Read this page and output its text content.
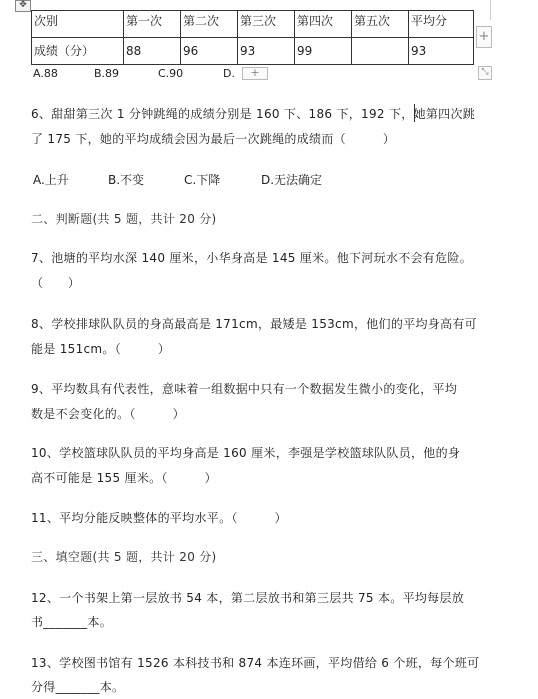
✥
次别	第一次	第二次	第三次	第四次	第五次	平均分
成绩（分）	88	96	93	99		93
+
+	⤡
A.88	B.89	C.90	D.
6、甜甜第三次 1 分钟跳绳的成绩分别是 160 下、186 下，192 下，她第四次跳
了 175 下，她的平均成绩会因为最后一次跳绳的成绩而（　　　）
A.上升	B.不变	C.下降	D.无法确定
二、判断题(共 5 题，共计 20 分)
7、池塘的平均水深 140 厘米，小华身高是 145 厘米。他下河玩水不会有危险。
（　　）
8、学校排球队队员的身高最高是 171cm，最矮是 153cm，他们的平均身高有可
能是 151cm。（　　　）
9、平均数具有代表性，意味着一组数据中只有一个数据发生微小的变化，平均
数是不会变化的。（　　　）
10、学校篮球队队员的平均身高是 160 厘米，李强是学校篮球队队员，他的身
高不可能是 155 厘米。（　　　）
11、平均分能反映整体的平均水平。（　　　）
三、填空题(共 5 题，共计 20 分)
12、一个书架上第一层放书 54 本，第二层放书和第三层共 75 本。平均每层放
书_______本。
13、学校图书馆有 1526 本科技书和 874 本连环画，平均借给 6 个班，每个班可
分得_______本。
